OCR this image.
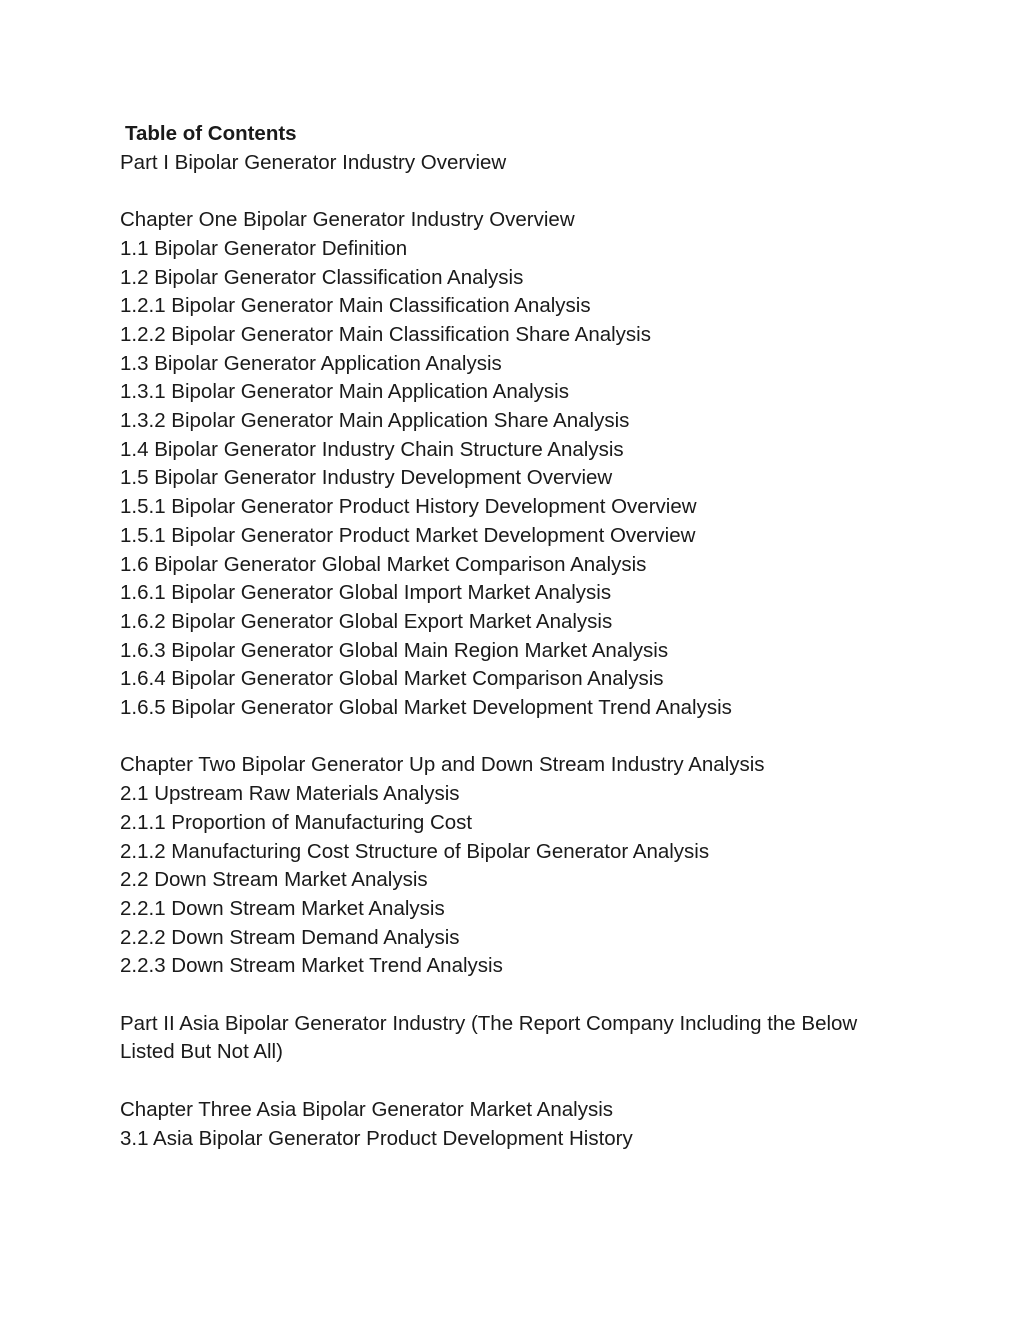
Table of Contents
Part I Bipolar Generator Industry Overview
Chapter One Bipolar Generator Industry Overview
1.1 Bipolar Generator Definition
1.2 Bipolar Generator Classification Analysis
1.2.1 Bipolar Generator Main Classification Analysis
1.2.2 Bipolar Generator Main Classification Share Analysis
1.3 Bipolar Generator Application Analysis
1.3.1 Bipolar Generator Main Application Analysis
1.3.2 Bipolar Generator Main Application Share Analysis
1.4 Bipolar Generator Industry Chain Structure Analysis
1.5 Bipolar Generator Industry Development Overview
1.5.1 Bipolar Generator Product History Development Overview
1.5.1 Bipolar Generator Product Market Development Overview
1.6 Bipolar Generator Global Market Comparison Analysis
1.6.1 Bipolar Generator Global Import Market Analysis
1.6.2 Bipolar Generator Global Export Market Analysis
1.6.3 Bipolar Generator Global Main Region Market Analysis
1.6.4 Bipolar Generator Global Market Comparison Analysis
1.6.5 Bipolar Generator Global Market Development Trend Analysis
Chapter Two Bipolar Generator Up and Down Stream Industry Analysis
2.1 Upstream Raw Materials Analysis
2.1.1 Proportion of Manufacturing Cost
2.1.2 Manufacturing Cost Structure of Bipolar Generator Analysis
2.2 Down Stream Market Analysis
2.2.1 Down Stream Market Analysis
2.2.2 Down Stream Demand Analysis
2.2.3 Down Stream Market Trend Analysis
Part II Asia Bipolar Generator Industry (The Report Company Including the Below
Listed But Not All)
Chapter Three Asia Bipolar Generator Market Analysis
3.1 Asia Bipolar Generator Product Development History
